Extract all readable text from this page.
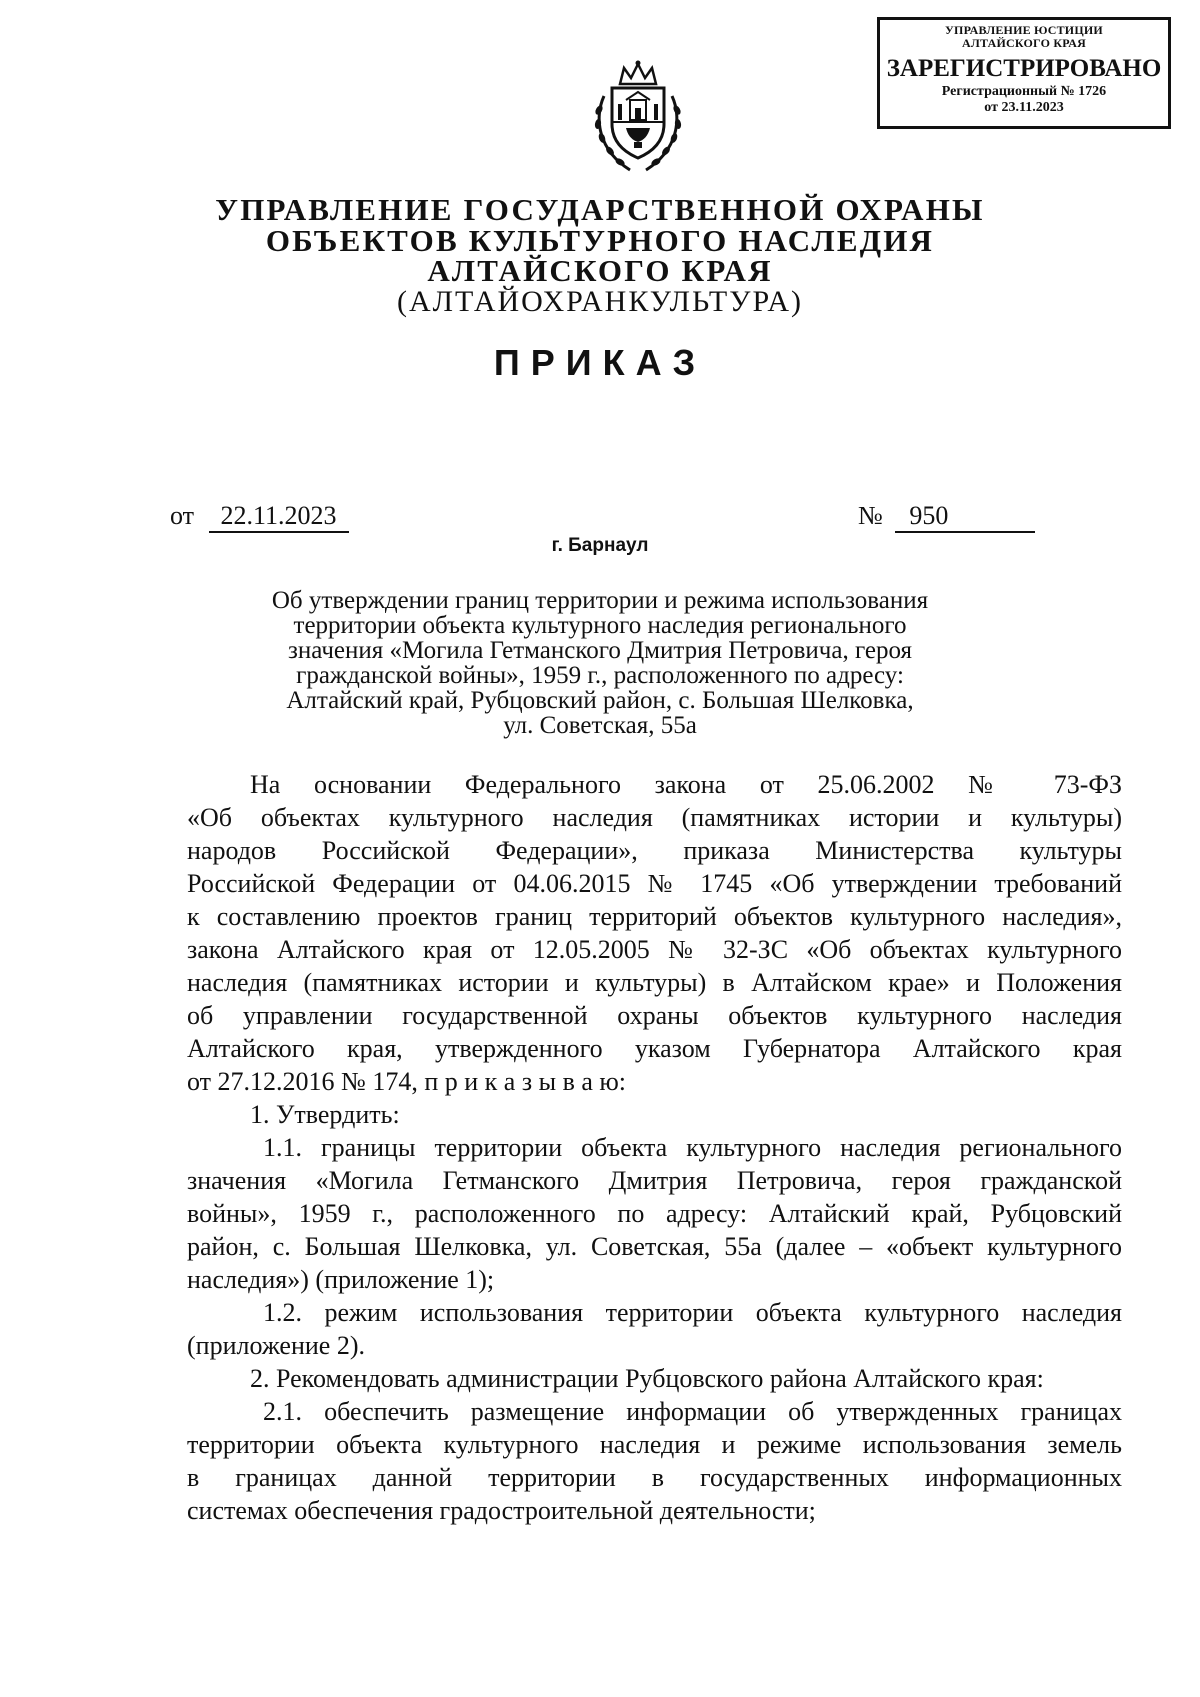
УПРАВЛЕНИЕ ЮСТИЦИИ
АЛТАЙСКОГО КРАЯ
ЗАРЕГИСТРИРОВАНО
Регистрационный № 1726
от 23.11.2023
УПРАВЛЕНИЕ ГОСУДАРСТВЕННОЙ ОХРАНЫ
ОБЪЕКТОВ КУЛЬТУРНОГО НАСЛЕДИЯ
АЛТАЙСКОГО КРАЯ
(АЛТАЙОХРАНКУЛЬТУРА)
ПРИКАЗ
от 22.11.2023	№ 950
г. Барнаул
Об утверждении границ территории и режима использования
территории объекта культурного наследия регионального
значения «Могила Гетманского Дмитрия Петровича, героя
гражданской войны», 1959 г., расположенного по адресу:
Алтайский край, Рубцовский район, с. Большая Шелковка,
ул. Советская, 55а
На основании Федерального закона от 25.06.2002 № 73-ФЗ
«Об объектах культурного наследия (памятниках истории и культуры)
народов Российской Федерации», приказа Министерства культуры
Российской Федерации от 04.06.2015 № 1745 «Об утверждении требований
к составлению проектов границ территорий объектов культурного наследия»,
закона Алтайского края от 12.05.2005 № 32-ЗС «Об объектах культурного
наследия (памятниках истории и культуры) в Алтайском крае» и Положения
об управлении государственной охраны объектов культурного наследия
Алтайского края, утвержденного указом Губернатора Алтайского края
от 27.12.2016 № 174, п р и к а з ы в а ю:
1. Утвердить:
1.1. границы территории объекта культурного наследия регионального
значения «Могила Гетманского Дмитрия Петровича, героя гражданской
войны», 1959 г., расположенного по адресу: Алтайский край, Рубцовский
район, с. Большая Шелковка, ул. Советская, 55а (далее – «объект культурного
наследия») (приложение 1);
1.2. режим использования территории объекта культурного наследия
(приложение 2).
2. Рекомендовать администрации Рубцовского района Алтайского края:
2.1. обеспечить размещение информации об утвержденных границах
территории объекта культурного наследия и режиме использования земель
в границах данной территории в государственных информационных
системах обеспечения градостроительной деятельности;
